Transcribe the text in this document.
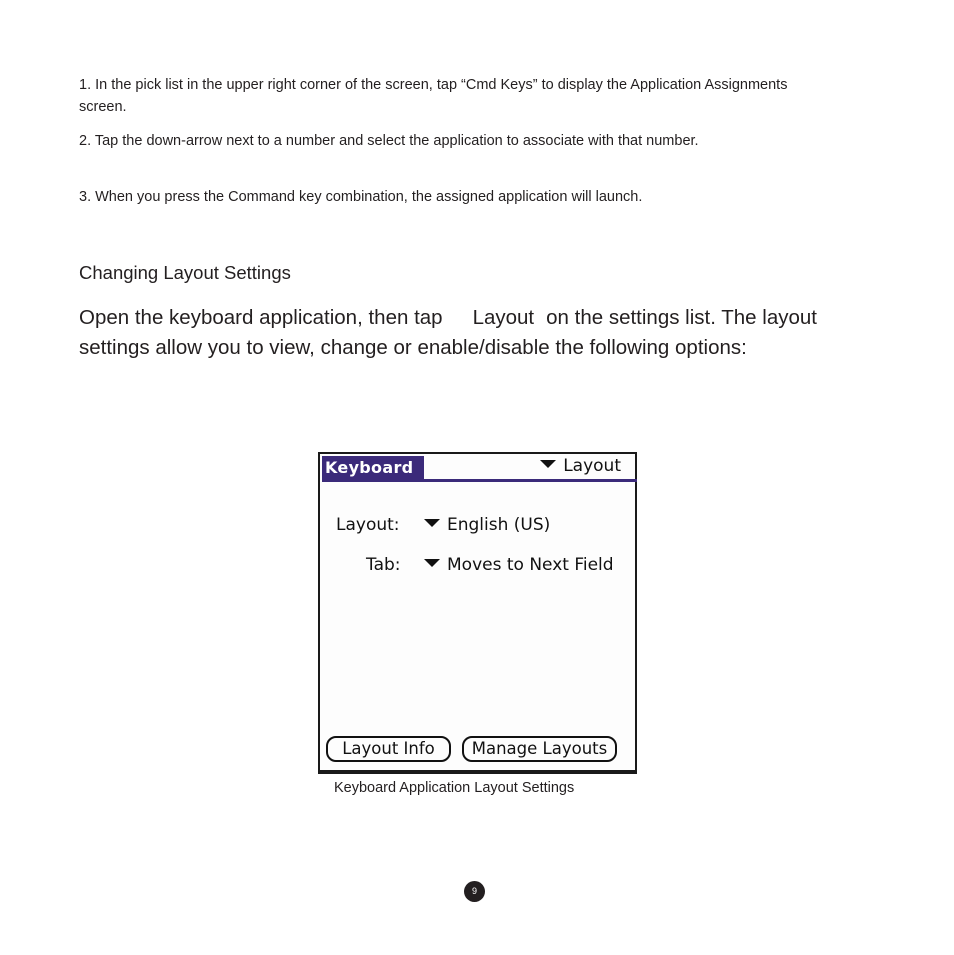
1. In the pick list in the upper right corner of the screen, tap “Cmd Keys” to display the Application Assignments screen.

2. Tap the down-arrow next to a number and select the application to associate with that number.

3. When you press the Command key combination, the assigned application will launch.

Changing Layout Settings

Open the keyboard application, then tap Layout on the settings list. The layout settings allow you to view, change or enable/disable the following options:

Keyboard	Layout
Layout:	English (US)
Tab:	Moves to Next Field
Layout Info	Manage Layouts

Keyboard Application Layout Settings

9
